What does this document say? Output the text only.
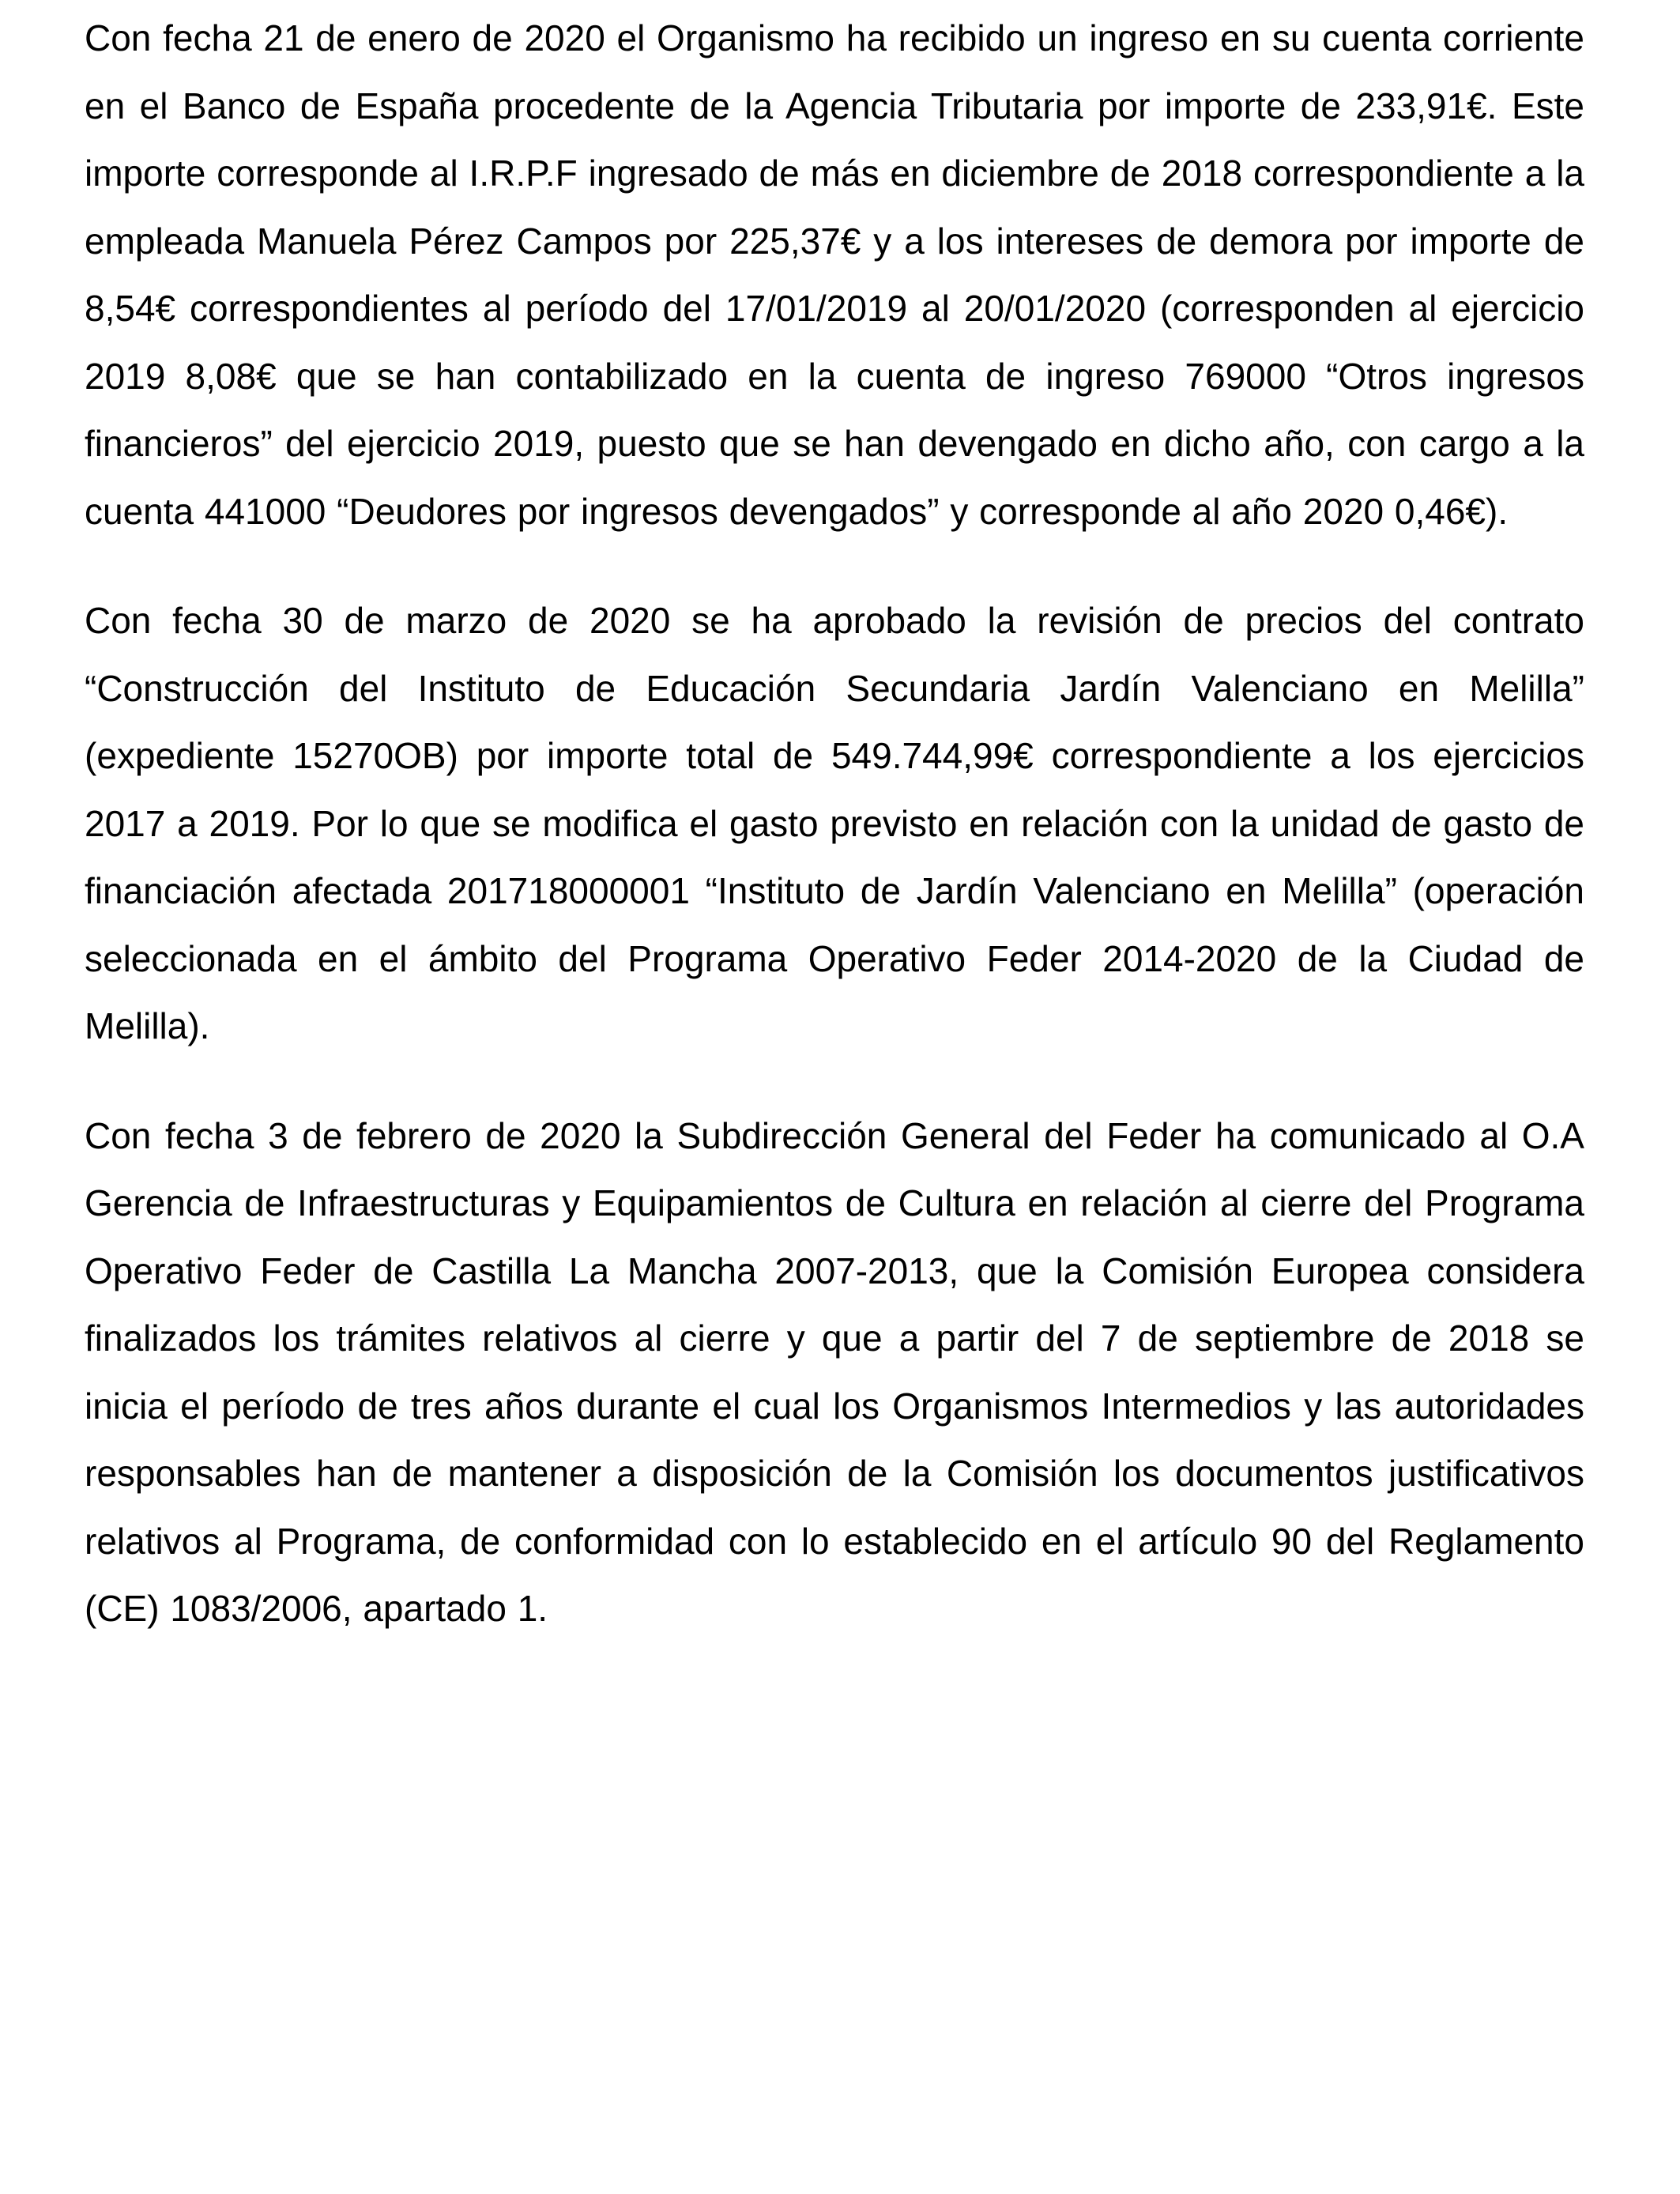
Con fecha 21 de enero de 2020 el Organismo ha recibido un ingreso en su cuenta corriente en el Banco de España procedente de la Agencia Tributaria por importe de 233,91€. Este importe corresponde al I.R.P.F ingresado de más en diciembre de 2018 correspondiente a la empleada Manuela Pérez Campos por 225,37€ y a los intereses de demora por importe de 8,54€ correspondientes al período del 17/01/2019 al 20/01/2020 (corresponden al ejercicio 2019 8,08€ que se han contabilizado en la cuenta de ingreso 769000 “Otros ingresos financieros” del ejercicio 2019, puesto que se han devengado en dicho año, con cargo a la cuenta 441000 “Deudores por ingresos devengados” y corresponde al año 2020 0,46€).

Con fecha 30 de marzo de 2020 se ha aprobado la revisión de precios del contrato “Construcción del Instituto de Educación Secundaria Jardín Valenciano en Melilla” (expediente 15270OB) por importe total de 549.744,99€ correspondiente a los ejercicios 2017 a 2019. Por lo que se modifica el gasto previsto en relación con la unidad de gasto de financiación afectada 201718000001 “Instituto de Jardín Valenciano en Melilla” (operación seleccionada en el ámbito del Programa Operativo Feder 2014-2020 de la Ciudad de Melilla).

Con fecha 3 de febrero de 2020 la Subdirección General del Feder ha comunicado al O.A Gerencia de Infraestructuras y Equipamientos de Cultura en relación al cierre del Programa Operativo Feder de Castilla La Mancha 2007-2013, que la Comisión Europea considera finalizados los trámites relativos al cierre y que a partir del 7 de septiembre de 2018 se inicia el período de tres años durante el cual los Organismos Intermedios y las autoridades responsables han de mantener a disposición de la Comisión los documentos justificativos relativos al Programa, de conformidad con lo establecido en el artículo 90 del Reglamento (CE) 1083/2006, apartado 1.
